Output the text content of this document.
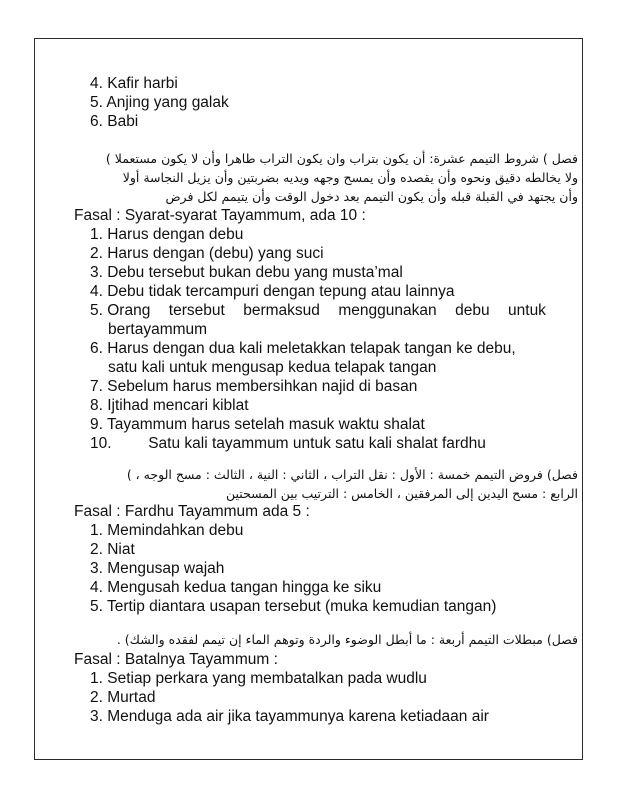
4. Kafir harbi
5. Anjing yang galak
6. Babi
فصل ) شروط التيمم عشرة: أن يكون بتراب وان يكون التراب طاهرا وأن لا يكون مستعملا )
ولا يخالطه دقيق ونحوه وأن يقصده وأن يمسح وجهه ويديه بضربتين وأن يزيل النجاسة أولا
وأن يجتهد في القبلة قبله وأن يكون التيمم بعد دخول الوقت وأن يتيمم لكل فرض
Fasal : Syarat-syarat Tayammum, ada 10 :
1. Harus dengan debu
2. Harus dengan (debu) yang suci
3. Debu tersebut bukan debu yang musta’mal
4. Debu tidak tercampuri dengan tepung atau lainnya
5. Orang tersebut bermaksud menggunakan debu untuk
bertayammum
6. Harus dengan dua kali meletakkan telapak tangan ke debu,
satu kali untuk mengusap kedua telapak tangan
7. Sebelum harus membersihkan najid di basan
8. Ijtihad mencari kiblat
9. Tayammum harus setelah masuk waktu shalat
10. Satu kali tayammum untuk satu kali shalat fardhu
فصل) فروض التيمم خمسة : الأول : نقل التراب ، الثاني : النية ، الثالث : مسح الوجه ، )
الرابع : مسح اليدين إلى المرفقين ، الخامس : الترتيب بين المسحتين
Fasal : Fardhu Tayammum ada 5 :
1. Memindahkan debu
2. Niat
3. Mengusap wajah
4. Mengusah kedua tangan hingga ke siku
5. Tertip diantara usapan tersebut (muka kemudian tangan)
فصل) مبطلات التيمم أربعة : ما أبطل الوضوء والردة وتوهم الماء إن تيمم لفقده والشك) .
Fasal : Batalnya Tayammum :
1. Setiap perkara yang membatalkan pada wudlu
2. Murtad
3. Menduga ada air jika tayammunya karena ketiadaan air
